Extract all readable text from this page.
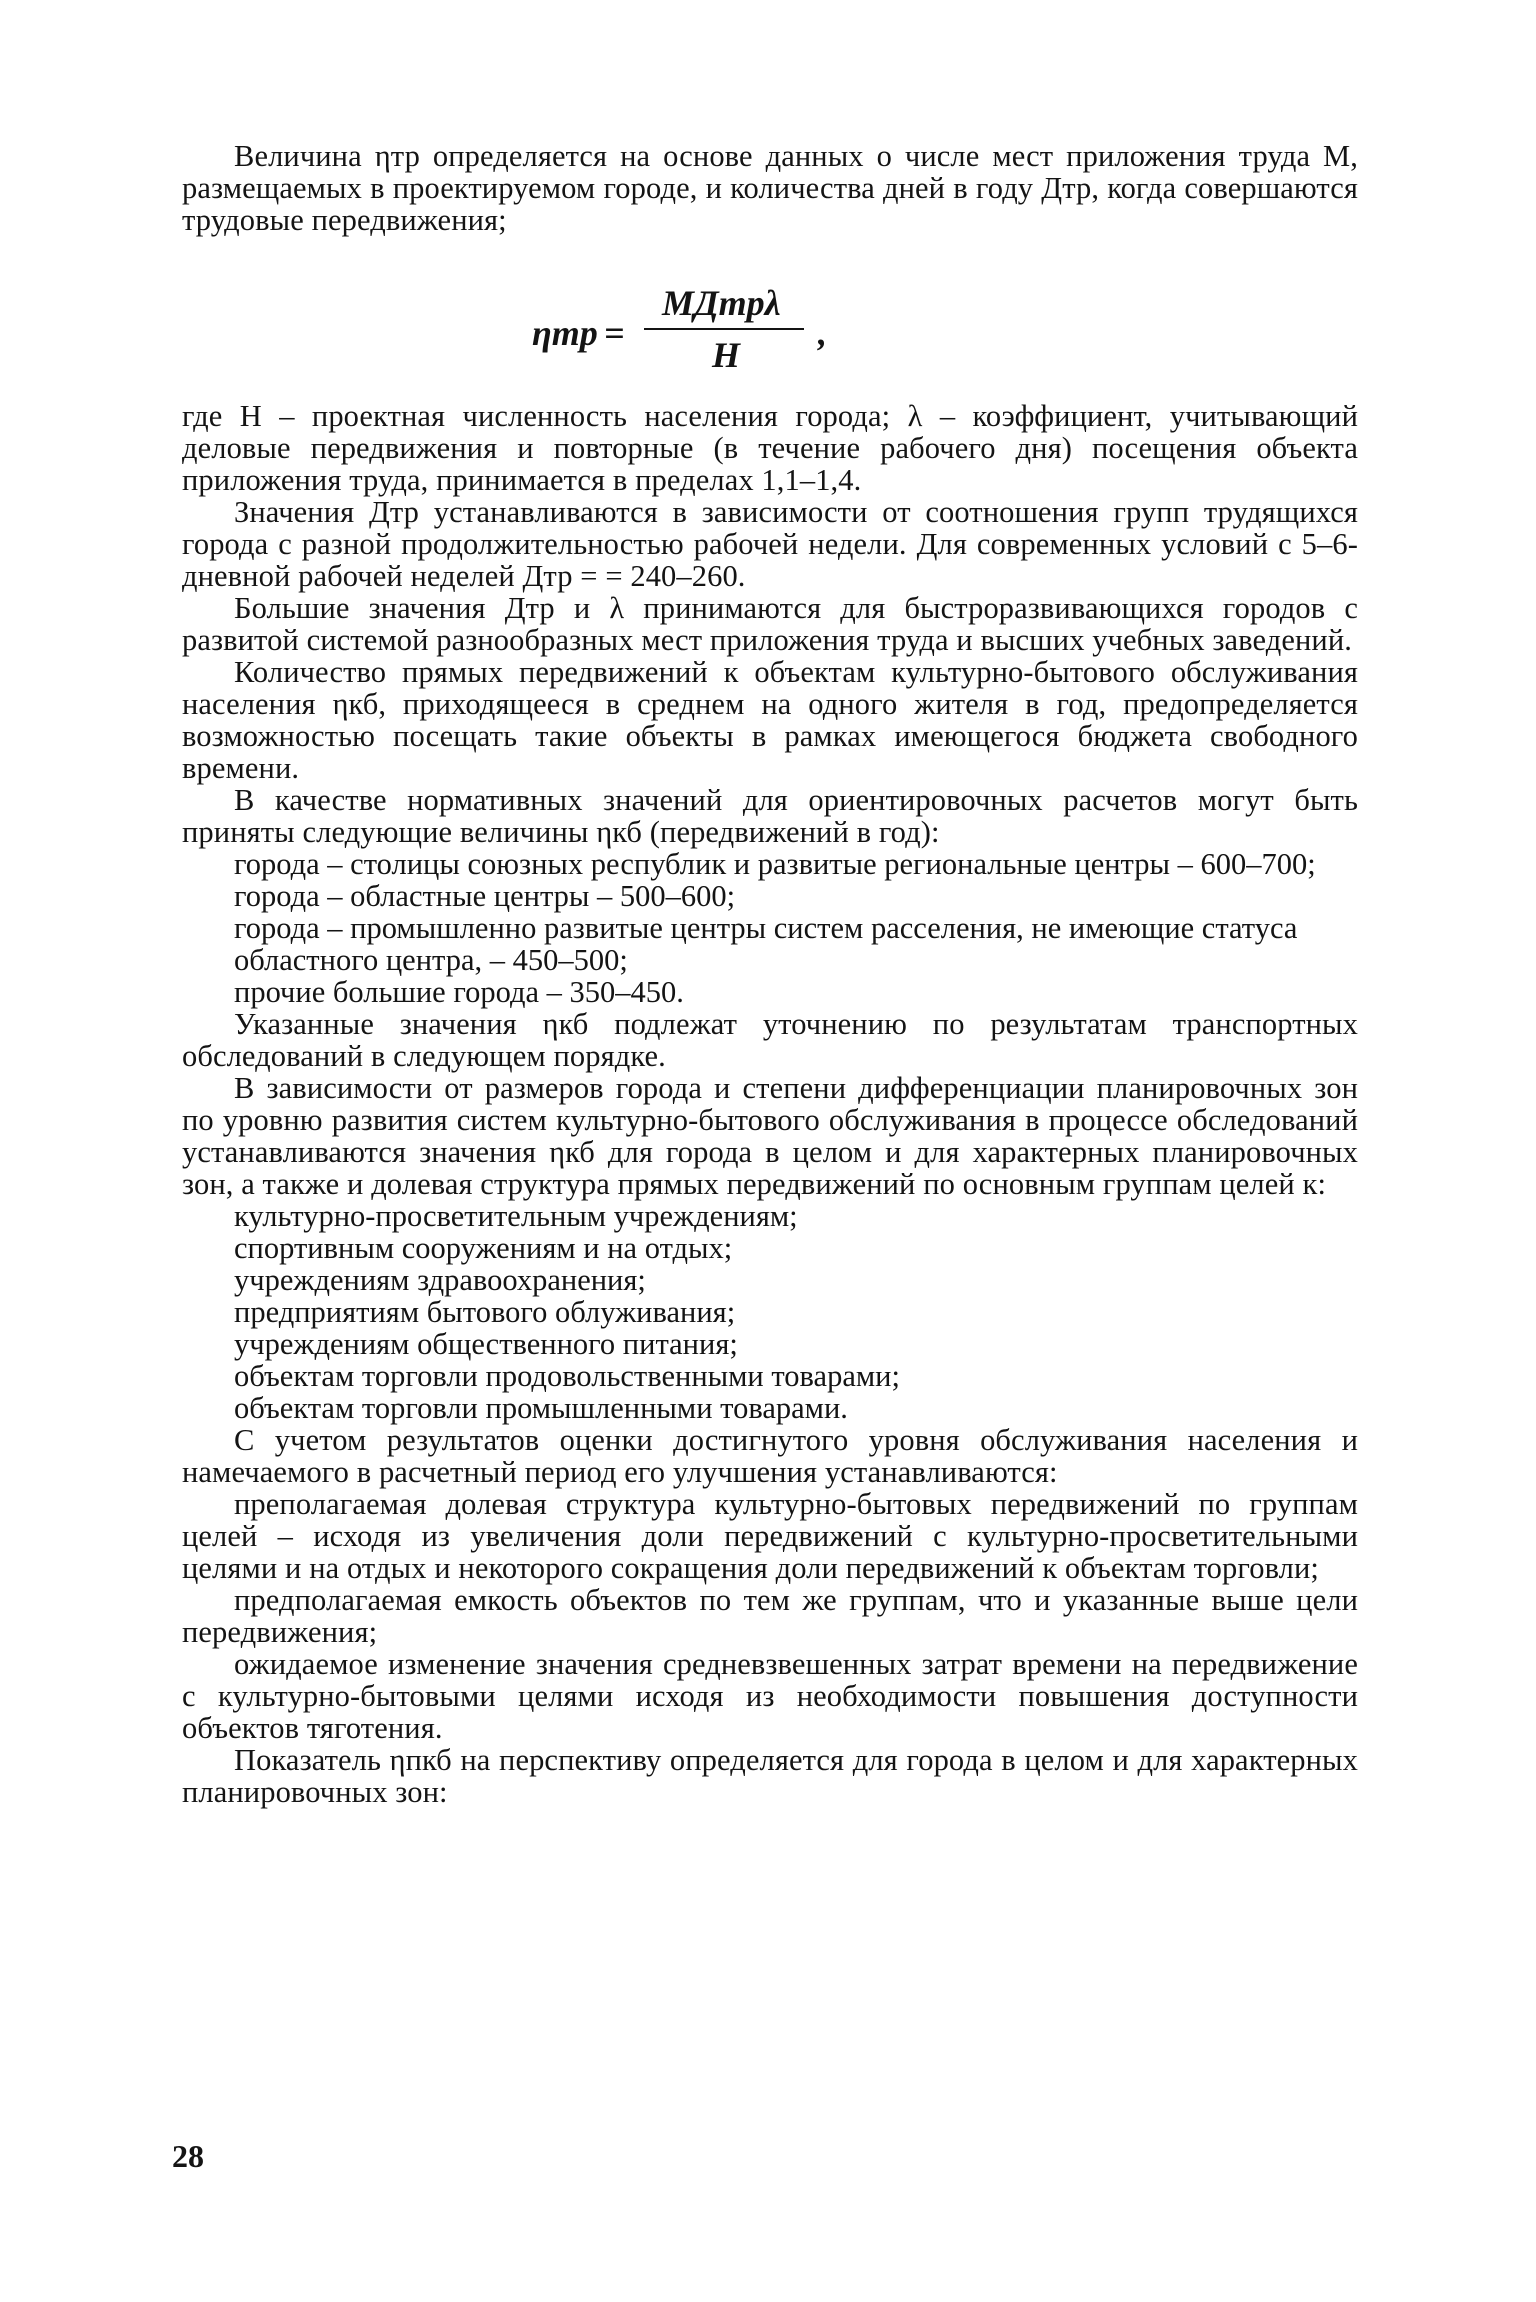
Величина ηтр определяется на основе данных о числе мест приложения труда M, размещаемых в проектируемом городе, и количества дней в году Дтр, когда совершаются трудовые передвижения;

ηтр =
MДтрλ
H
,

где H – проектная численность населения города; λ – коэффициент, учитывающий деловые передвижения и повторные (в течение рабочего дня) посещения объекта приложения труда, принимается в пределах 1,1–1,4.

Значения Дтр устанавливаются в зависимости от соотношения групп трудящихся города с разной продолжительностью рабочей недели. Для современных условий с 5–6-дневной рабочей неделей Дтр = = 240–260.

Большие значения Дтр и λ принимаются для быстроразвивающихся городов с развитой системой разнообразных мест приложения труда и высших учебных заведений.

Количество прямых передвижений к объектам культурно-бытового обслуживания населения ηкб, приходящееся в среднем на одного жителя в год, предопределяется возможностью посещать такие объекты в рамках имеющегося бюджета свободного времени.

В качестве нормативных значений для ориентировочных расчетов могут быть приняты следующие величины ηкб (передвижений в год):

города – столицы союзных республик и развитые региональные центры – 600–700;

города – областные центры – 500–600;

города – промышленно развитые центры систем расселения, не имеющие статуса областного центра, – 450–500;

прочие большие города – 350–450.

Указанные значения ηкб подлежат уточнению по результатам транспортных обследований в следующем порядке.

В зависимости от размеров города и степени дифференциации планировочных зон по уровню развития систем культурно-бытового обслуживания в процессе обследований устанавливаются значения ηкб для города в целом и для характерных планировочных зон, а также и долевая структура прямых передвижений по основным группам целей к:

культурно-просветительным учреждениям;

спортивным сооружениям и на отдых;

учреждениям здравоохранения;

предприятиям бытового облуживания;

учреждениям общественного питания;

объектам торговли продовольственными товарами;

объектам торговли промышленными товарами.

С учетом результатов оценки достигнутого уровня обслуживания населения и намечаемого в расчетный период его улучшения устанавливаются:

преполагаемая долевая структура культурно-бытовых передвижений по группам целей – исходя из увеличения доли передвижений с культурно-просветительными целями и на отдых и некоторого сокращения доли передвижений к объектам торговли;

предполагаемая емкость объектов по тем же группам, что и указанные выше цели передвижения;

ожидаемое изменение значения средневзвешенных затрат времени на передвижение с культурно-бытовыми целями исходя из необходимости повышения доступности объектов тяготения.

Показатель ηпкб на перспективу определяется для города в целом и для характерных планировочных зон:

28
